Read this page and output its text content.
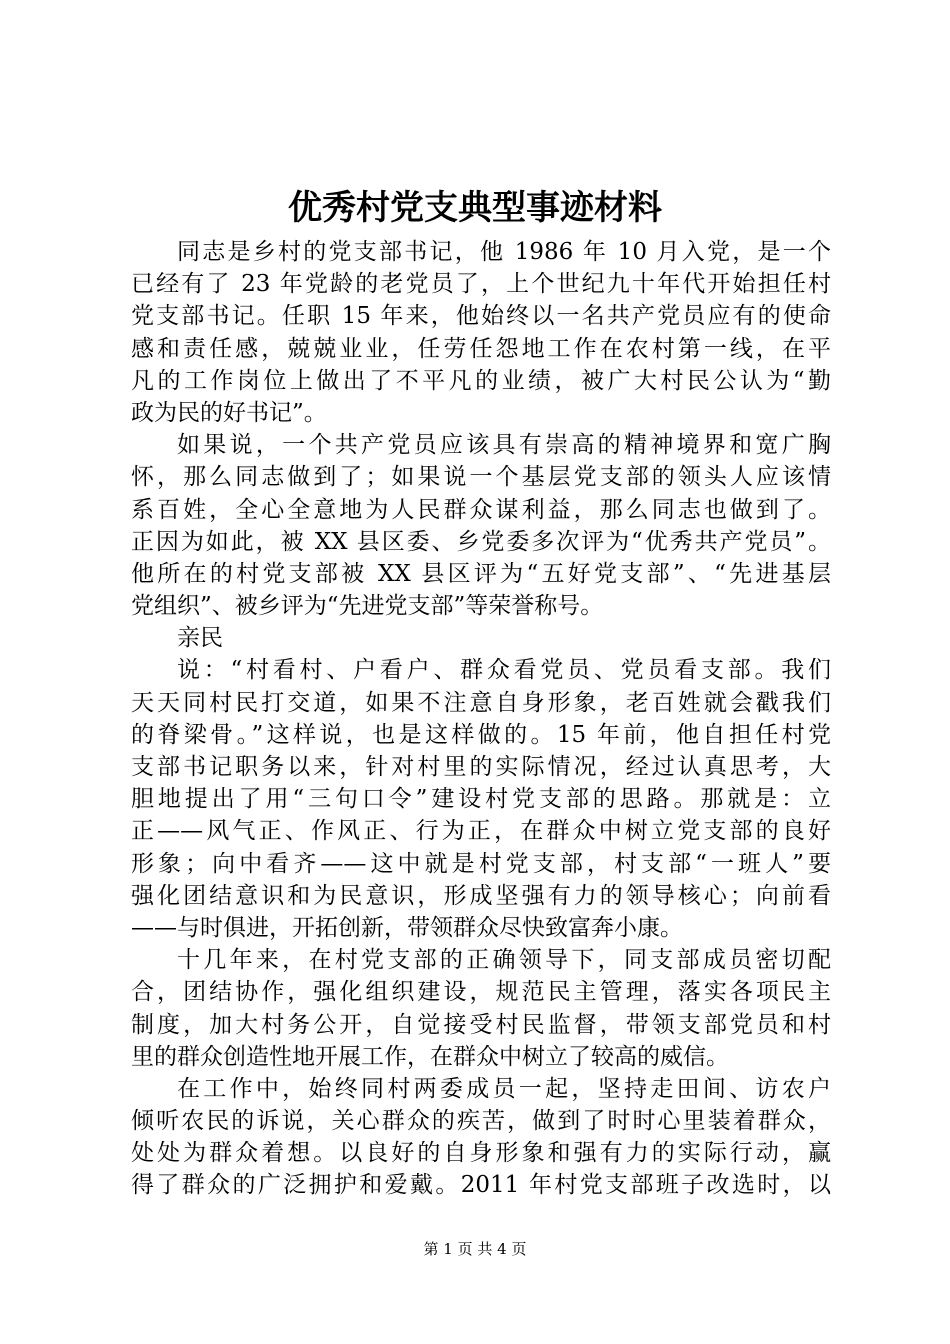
优秀村党支典型事迹材料
同志是乡村的党支部书记，他 1986 年 10 月入党，是一个
已经有了 23 年党龄的老党员了，上个世纪九十年代开始担任村
党支部书记。任职 15 年来，他始终以一名共产党员应有的使命
感和责任感，兢兢业业，任劳任怨地工作在农村第一线，在平
凡的工作岗位上做出了不平凡的业绩，被广大村民公认为“勤
政为民的好书记”。
如果说，一个共产党员应该具有崇高的精神境界和宽广胸
怀，那么同志做到了；如果说一个基层党支部的领头人应该情
系百姓，全心全意地为人民群众谋利益，那么同志也做到了。
正因为如此，被 XX 县区委、乡党委多次评为“优秀共产党员”。
他所在的村党支部被 XX 县区评为“五好党支部”、“先进基层
党组织”、被乡评为“先进党支部”等荣誉称号。
亲民
说：“村看村、户看户、群众看党员、党员看支部。我们
天天同村民打交道，如果不注意自身形象，老百姓就会戳我们
的脊梁骨。”这样说，也是这样做的。15 年前，他自担任村党
支部书记职务以来，针对村里的实际情况，经过认真思考，大
胆地提出了用“三句口令”建设村党支部的思路。那就是：立
正——风气正、作风正、行为正，在群众中树立党支部的良好
形象；向中看齐——这中就是村党支部，村支部“一班人”要
强化团结意识和为民意识，形成坚强有力的领导核心；向前看
——与时俱进，开拓创新，带领群众尽快致富奔小康。
十几年来，在村党支部的正确领导下，同支部成员密切配
合，团结协作，强化组织建设，规范民主管理，落实各项民主
制度，加大村务公开，自觉接受村民监督，带领支部党员和村
里的群众创造性地开展工作，在群众中树立了较高的威信。
在工作中，始终同村两委成员一起，坚持走田间、访农户
倾听农民的诉说，关心群众的疾苦，做到了时时心里装着群众，
处处为群众着想。以良好的自身形象和强有力的实际行动，赢
得了群众的广泛拥护和爱戴。2011 年村党支部班子改选时，以
第 1 页 共 4 页
